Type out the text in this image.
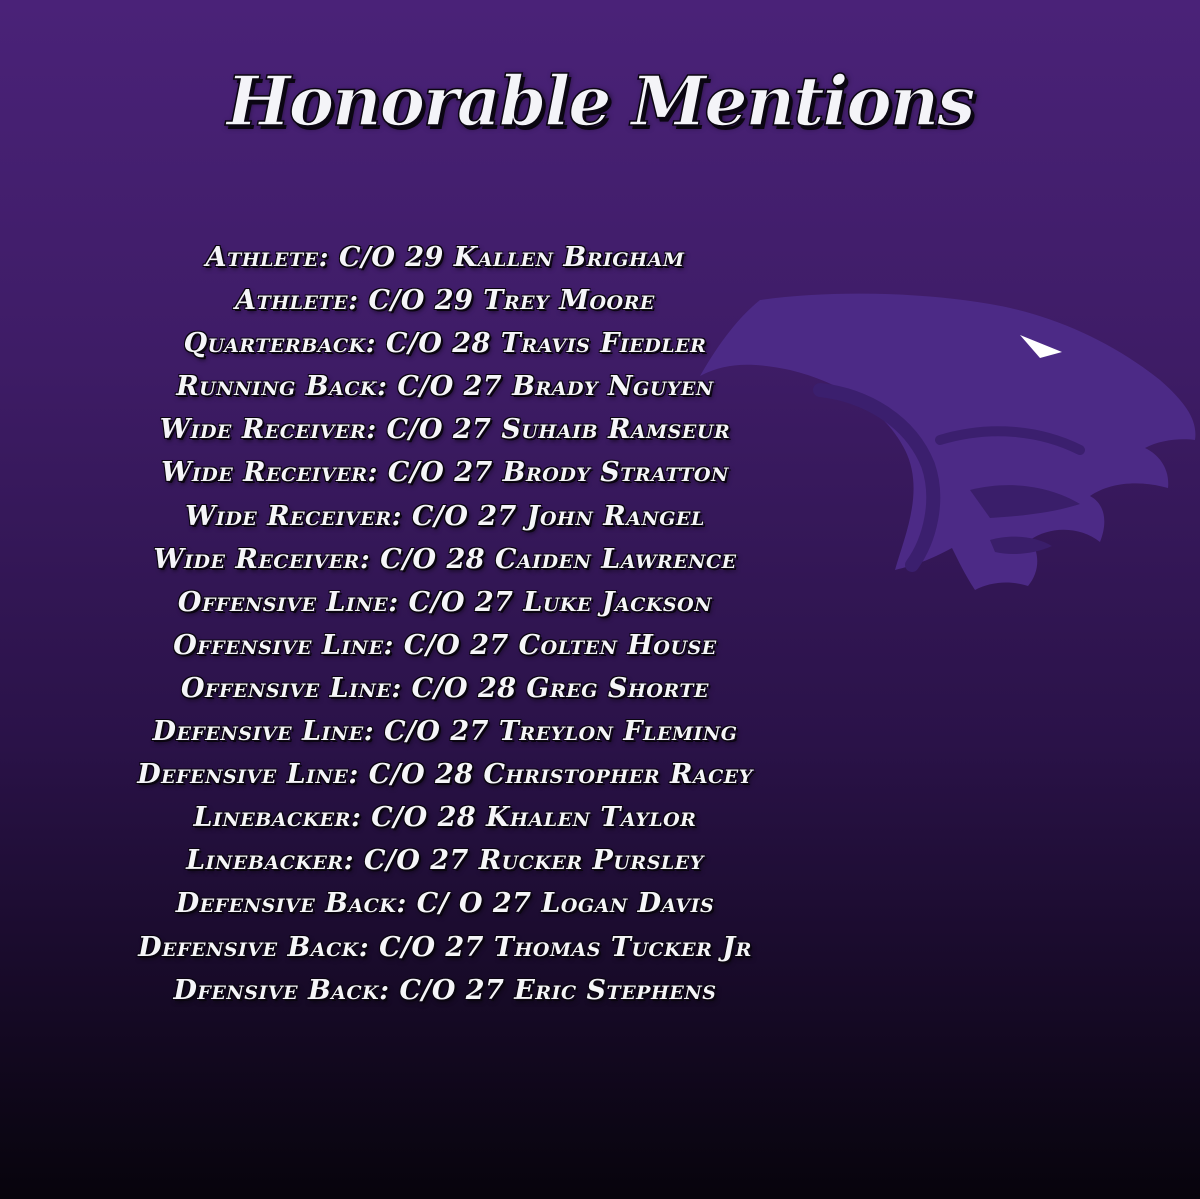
Honorable Mentions
Athlete: C/O 29 Kallen Brigham
Athlete: C/O 29 Trey Moore
Quarterback: C/O 28 Travis Fiedler
Running Back: C/O 27 Brady Nguyen
Wide Receiver: C/O 27 Suhaib Ramseur
Wide Receiver: C/O 27 Brody Stratton
Wide Receiver: C/O 27 John Rangel
Wide Receiver: C/O 28 Caiden Lawrence
Offensive Line: C/O 27 Luke Jackson
Offensive Line: C/O 27 Colten House
Offensive Line: C/O 28 Greg Shorte
Defensive Line: C/O 27 Treylon Fleming
Defensive Line: C/O 28 Christopher Racey
Linebacker: C/O 28 Khalen Taylor
Linebacker: C/O 27 Rucker Pursley
Defensive Back: C/ O 27 Logan Davis
Defensive Back: C/O 27 Thomas Tucker Jr
Dfensive Back: C/O 27 Eric Stephens
